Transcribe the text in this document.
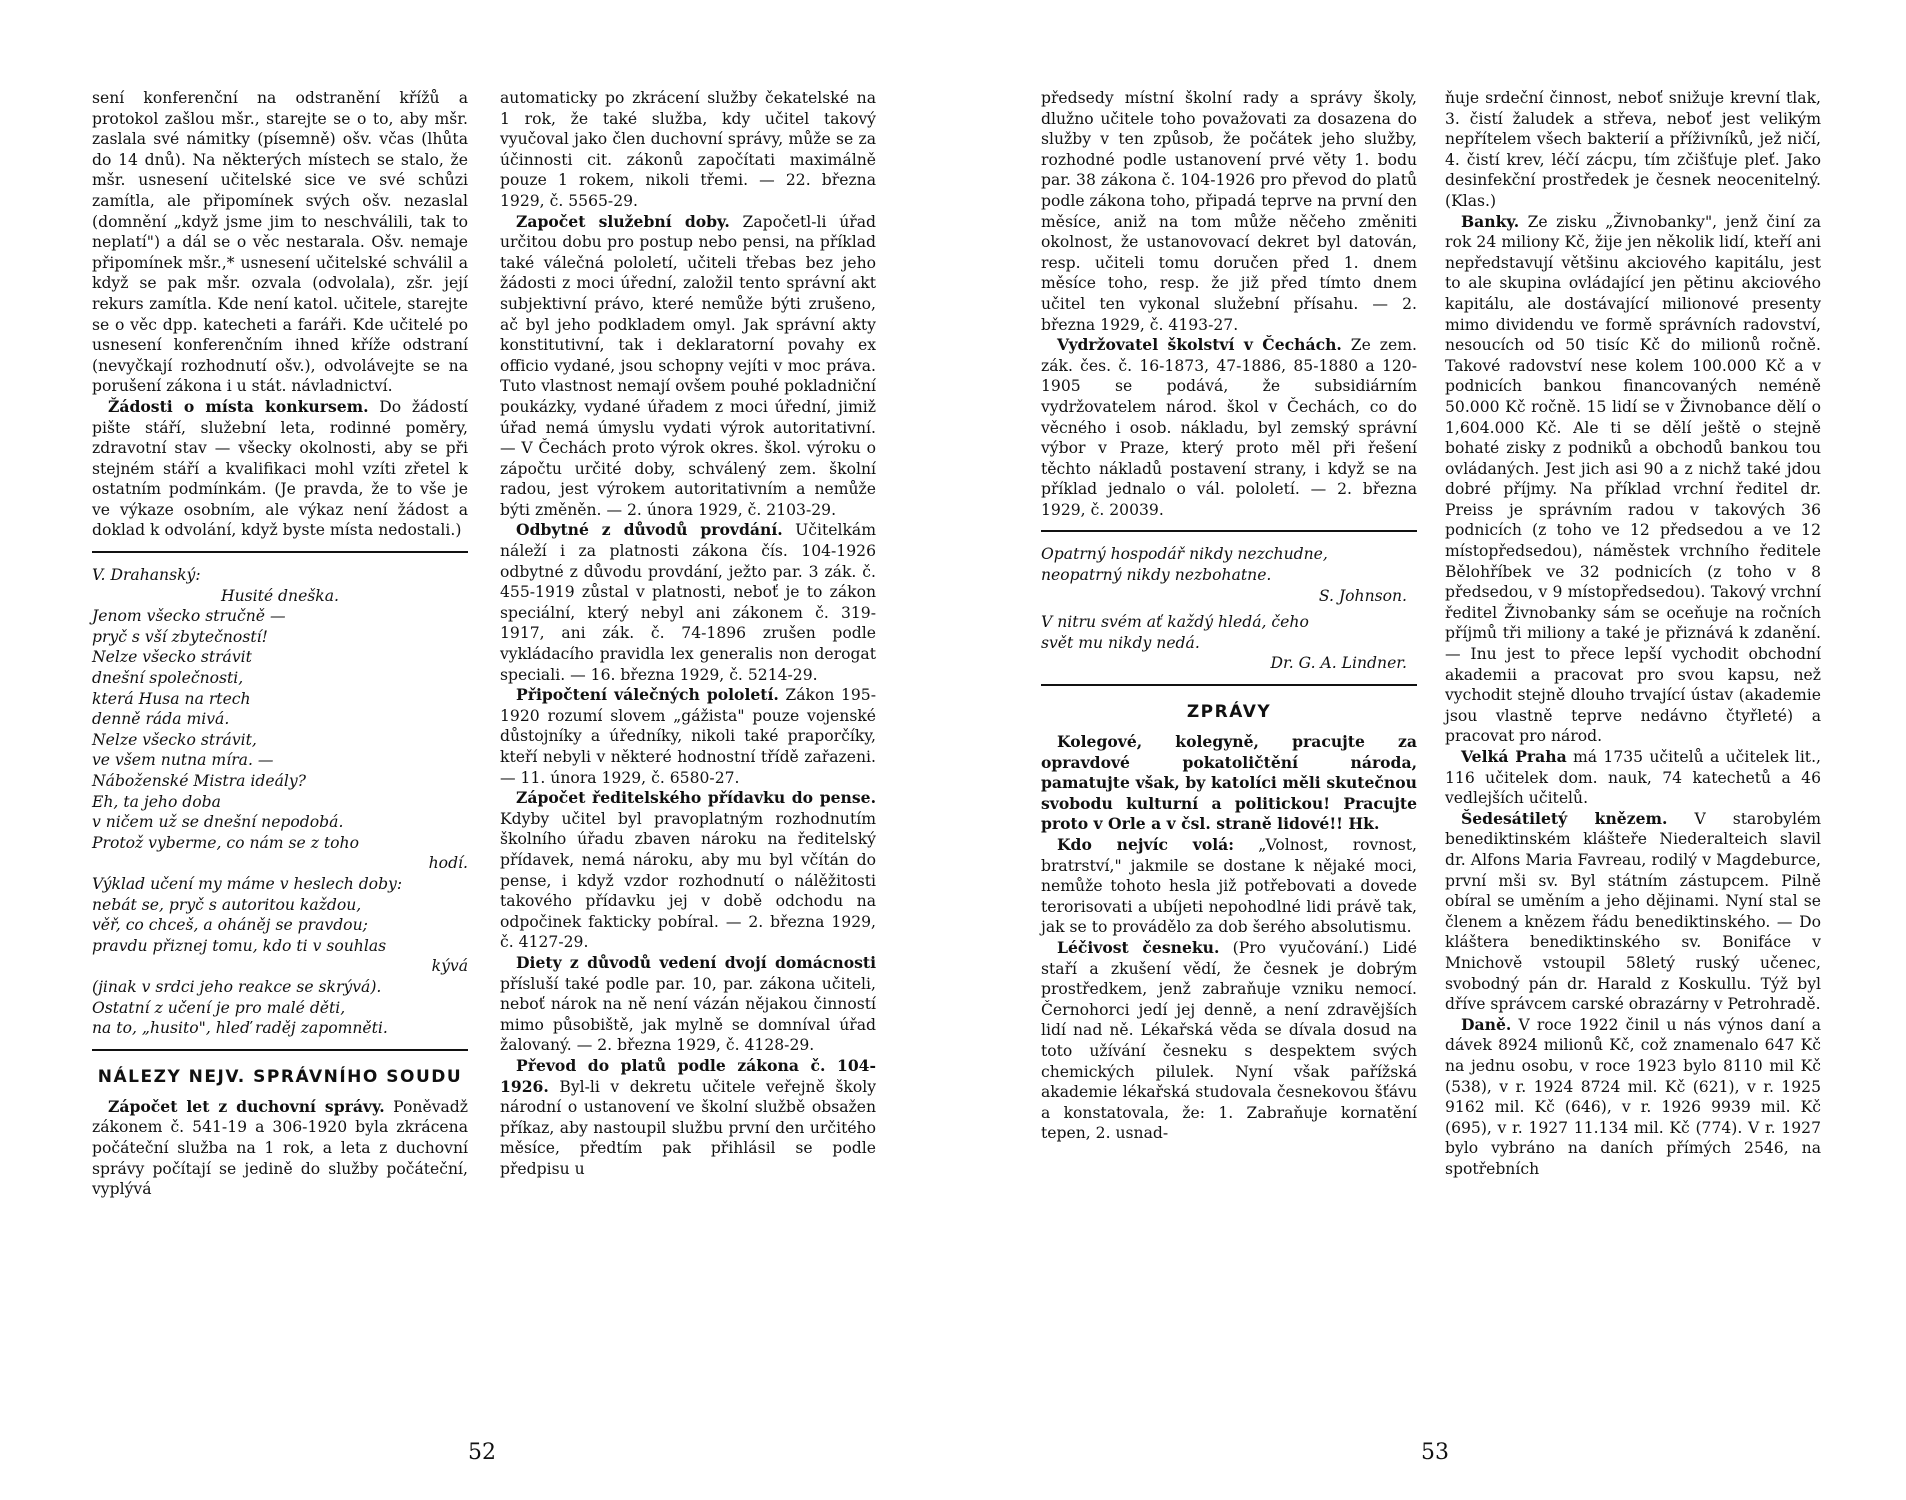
sení konferenční na odstranění křížů a protokol zašlou mšr., starejte se o to, aby mšr. zaslala své námitky (písemně) ošv. včas (lhůta do 14 dnů). Na některých místech se stalo, že mšr. usnesení učitelské sice ve své schůzi zamítla, ale připomínek svých ošv. nezaslal (domnění „když jsme jim to neschválili, tak to neplatí") a dál se o věc nestarala. Ošv. nemaje připomínek mšr.,* usnesení učitelské schválil a když se pak mšr. ozvala (odvolala), zšr. její rekurs zamítla. Kde není katol. učitele, starejte se o věc dpp. katecheti a faráři. Kde učitelé po usnesení konferenčním ihned kříže odstraní (nevyčkají rozhodnutí ošv.), odvolávejte se na porušení zákona i u stát. návladnictví.

Žádosti o místa konkursem. Do žádostí pište stáří, služební leta, rodinné poměry, zdravotní stav — všecky okolnosti, aby se při stejném stáří a kvalifikaci mohl vzíti zřetel k ostatním podmínkám. (Je pravda, že to vše je ve výkaze osobním, ale výkaz není žádost a doklad k odvolání, když byste místa nedostali.)

V. Drahanský:
Husité dneška.
Jenom všecko stručně —
pryč s vší zbytečností!
Nelze všecko strávit
dnešní společnosti,
která Husa na rtech
denně ráda mivá.
Nelze všecko strávit,
ve všem nutna míra. —
Náboženské Mistra ideály?
Eh, ta jeho doba
v ničem už se dnešní nepodobá.
Protož vyberme, co nám se z toho
hodí.
Výklad učení my máme v heslech doby:
nebát se, pryč s autoritou každou,
věř, co chceš, a oháněj se pravdou;
pravdu přiznej tomu, kdo ti v souhlas
kývá
(jinak v srdci jeho reakce se skrývá).
Ostatní z učení je pro malé děti,
na to, „husito", hleď raděj zapomněti.
NÁLEZY NEJV. SPRÁVNÍHO SOUDU

Zápočet let z duchovní správy. Poněvadž zákonem č. 541-19 a 306-1920 byla zkrácena počáteční služba na 1 rok, a leta z duchovní správy počítají se jedině do služby počáteční, vyplývá

automaticky po zkrácení služby čekatelské na 1 rok, že také služba, kdy učitel takový vyučoval jako člen duchovní správy, může se za účinnosti cit. zákonů započítati maximálně pouze 1 rokem, nikoli třemi. — 22. března 1929, č. 5565-29.

Započet služební doby. Započetl-li úřad určitou dobu pro postup nebo pensi, na příklad také válečná pololetí, učiteli třebas bez jeho žádosti z moci úřední, založil tento správní akt subjektivní právo, které nemůže býti zrušeno, ač byl jeho podkladem omyl. Jak správní akty konstitutivní, tak i deklaratorní povahy ex officio vydané, jsou schopny vejíti v moc práva. Tuto vlastnost nemají ovšem pouhé pokladniční poukázky, vydané úřadem z moci úřední, jimiž úřad nemá úmyslu vydati výrok autoritativní. — V Čechách proto výrok okres. škol. výroku o zápočtu určité doby, schválený zem. školní radou, jest výrokem autoritativním a nemůže býti změněn. — 2. února 1929, č. 2103-29.

Odbytné z důvodů provdání. Učitelkám náleží i za platnosti zákona čís. 104-1926 odbytné z důvodu provdání, ježto par. 3 zák. č. 455-1919 zůstal v platnosti, neboť je to zákon speciální, který nebyl ani zákonem č. 319-1917, ani zák. č. 74-1896 zrušen podle vykládacího pravidla lex generalis non derogat speciali. — 16. března 1929, č. 5214-29.

Připočtení válečných pololetí. Zákon 195-1920 rozumí slovem „gážista" pouze vojenské důstojníky a úředníky, nikoli také praporčíky, kteří nebyli v některé hodnostní třídě zařazeni. — 11. února 1929, č. 6580-27.

Zápočet ředitelského přídavku do pense. Kdyby učitel byl pravoplatným rozhodnutím školního úřadu zbaven nároku na ředitelský přídavek, nemá nároku, aby mu byl včítán do pense, i když vzdor rozhodnutí o nálěžitosti takového přídavku jej v době odchodu na odpočinek fakticky pobíral. — 2. března 1929, č. 4127-29.

Diety z důvodů vedení dvojí domácnosti přísluší také podle par. 10, par. zákona učiteli, neboť nárok na ně není vázán nějakou činností mimo působiště, jak mylně se domníval úřad žalovaný. — 2. března 1929, č. 4128-29.

Převod do platů podle zákona č. 104-1926. Byl-li v dekretu učitele veřejně školy národní o ustanovení ve školní službě obsažen příkaz, aby nastoupil službu první den určitého měsíce, předtím pak přihlásil se podle předpisu u

52

předsedy místní školní rady a správy školy, dlužno učitele toho považovati za dosazena do služby v ten způsob, že počátek jeho služby, rozhodné podle ustanovení prvé věty 1. bodu par. 38 zákona č. 104-1926 pro převod do platů podle zákona toho, připadá teprve na první den měsíce, aniž na tom může něčeho změniti okolnost, že ustanovovací dekret byl datován, resp. učiteli tomu doručen před 1. dnem měsíce toho, resp. že již před tímto dnem učitel ten vykonal služební přísahu. — 2. března 1929, č. 4193-27.

Vydržovatel školství v Čechách. Ze zem. zák. čes. č. 16-1873, 47-1886, 85-1880 a 120-1905 se podává, že subsidiárním vydržovatelem národ. škol v Čechách, co do věcného i osob. nákladu, byl zemský správní výbor v Praze, který proto měl při řešení těchto nákladů postavení strany, i když se na příklad jednalo o vál. pololetí. — 2. března 1929, č. 20039.

Opatrný hospodář nikdy nezchudne,
neopatrný nikdy nezbohatne.
S. Johnson.
V nitru svém ať každý hledá, čeho
svět mu nikdy nedá.
Dr. G. A. Lindner.
ZPRÁVY

Kolegové, kolegyně, pracujte za opravdové pokatoličtění národa, pamatujte však, by katolíci měli skutečnou svobodu kulturní a politickou! Pracujte proto v Orle a v čsl. straně lidové!! Hk.

Kdo nejvíc volá: „Volnost, rovnost, bratrství," jakmile se dostane k nějaké moci, nemůže tohoto hesla již potřebovati a dovede terorisovati a ubíjeti nepohodlné lidi právě tak, jak se to provádělo za dob šerého absolutismu.

Léčivost česneku. (Pro vyučování.) Lidé staří a zkušení vědí, že česnek je dobrým prostředkem, jenž zabraňuje vzniku nemocí. Černohorci jedí jej denně, a není zdravějších lidí nad ně. Lékařská věda se dívala dosud na toto užívání česneku s despektem svých chemických pilulek. Nyní však pařížská akademie lékařská studovala česnekovou šťávu a konstatovala, že: 1. Zabraňuje kornatění tepen, 2. usnad-

ňuje srdeční činnost, neboť snižuje krevní tlak, 3. čistí žaludek a střeva, neboť jest velikým nepřítelem všech bakterií a příživníků, jež ničí, 4. čistí krev, léčí zácpu, tím zčišťuje pleť. Jako desinfekční prostředek je česnek neocenitelný. (Klas.)

Banky. Ze zisku „Živnobanky", jenž činí za rok 24 miliony Kč, žije jen několik lidí, kteří ani nepředstavují většinu akciového kapitálu, jest to ale skupina ovládající jen pětinu akciového kapitálu, ale dostávající milionové presenty mimo dividendu ve formě správních radovství, nesoucích od 50 tisíc Kč do milionů ročně. Takové radovství nese kolem 100.000 Kč a v podnicích bankou financovaných neméně 50.000 Kč ročně. 15 lidí se v Živnobance dělí o 1,604.000 Kč. Ale ti se dělí ještě o stejně bohaté zisky z podniků a obchodů bankou tou ovládaných. Jest jich asi 90 a z nichž také jdou dobré příjmy. Na příklad vrchní ředitel dr. Preiss je správním radou v takových 36 podnicích (z toho ve 12 předsedou a ve 12 místopředsedou), náměstek vrchního ředitele Bělohříbek ve 32 podnicích (z toho v 8 předsedou, v 9 místopředsedou). Takový vrchní ředitel Živnobanky sám se oceňuje na ročních příjmů tři miliony a také je přiznává k zdanění. — Inu jest to přece lepší vychodit obchodní akademii a pracovat pro svou kapsu, než vychodit stejně dlouho trvající ústav (akademie jsou vlastně teprve nedávno čtyřleté) a pracovat pro národ.

Velká Praha má 1735 učitelů a učitelek lit., 116 učitelek dom. nauk, 74 katechetů a 46 vedlejších učitelů.

Šedesátiletý knězem. V starobylém benediktinském klášteře Niederalteich slavil dr. Alfons Maria Favreau, rodilý v Magdeburce, první mši sv. Byl státním zástupcem. Pilně obíral se uměním a jeho dějinami. Nyní stal se členem a knězem řádu benediktinského. — Do kláštera benediktinského sv. Bonifáce v Mnichově vstoupil 58letý ruský učenec, svobodný pán dr. Harald z Koskullu. Týž byl dříve správcem carské obrazárny v Petrohradě.

Daně. V roce 1922 činil u nás výnos daní a dávek 8924 milionů Kč, což znamenalo 647 Kč na jednu osobu, v roce 1923 bylo 8110 mil Kč (538), v r. 1924 8724 mil. Kč (621), v r. 1925 9162 mil. Kč (646), v r. 1926 9939 mil. Kč (695), v r. 1927 11.134 mil. Kč (774). V r. 1927 bylo vybráno na daních přímých 2546, na spotřebních

53
